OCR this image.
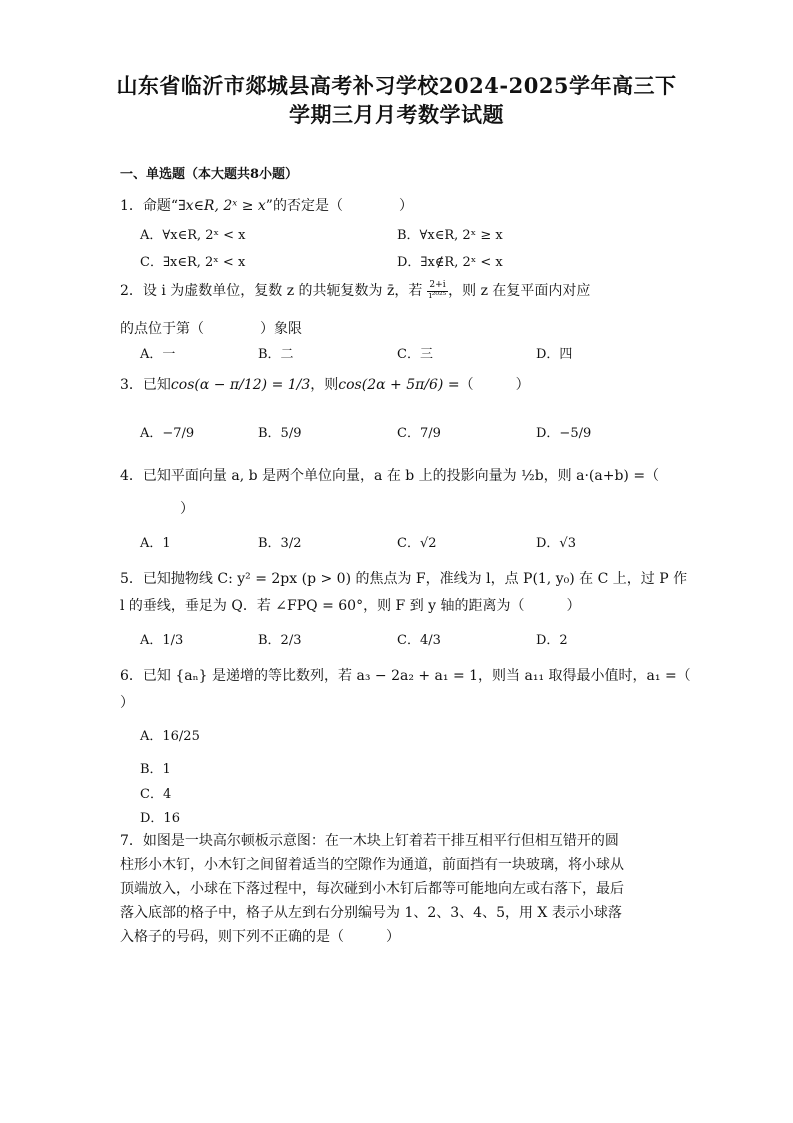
山东省临沂市郯城县高考补习学校2024-2025学年高三下
学期三月月考数学试题
一、单选题（本大题共8小题）
1．命题“∃x∈R, 2ˣ ≥ x”的否定是（　　　　）
A．∀x∈R, 2ˣ < x	B．∀x∈R, 2ˣ ≥ x
C．∃x∈R, 2ˣ < x	D．∃x∉R, 2ˣ < x
2．设 i 为虚数单位，复数 z 的共轭复数为 z̄，若 $\frac{2+i}{\text{i²⁰²⁵}}$ ，则 z 在复平面内对应
的点位于第（　　　　）象限
A．一	B．二	C．三	D．四
3．已知cos(α − π/12) = 1/3，则cos(2α + 5π/6) =（　　　）
A．−7/9	B．5/9	C．7/9	D．−5/9
4．已知平面向量 a, b 是两个单位向量，a 在 b 上的投影向量为 ½b，则 a·(a+b) =（
）
A．1	B．3/2	C．√2	D．√3
5．已知抛物线 C: y² = 2px (p > 0) 的焦点为 F，准线为 l，点 P(1, y₀) 在 C 上，过 P 作
l 的垂线，垂足为 Q．若 ∠FPQ = 60°，则 F 到 y 轴的距离为（　　　）
A．1/3	B．2/3	C．4/3	D．2
6．已知 {aₙ} 是递增的等比数列，若 a₃ − 2a₂ + a₁ = 1，则当 a₁₁ 取得最小值时，a₁ =（
）
A．16/25
B．1
C．4
D．16
7．如图是一块高尔顿板示意图：在一木块上钉着若干排互相平行但相互错开的圆
柱形小木钉，小木钉之间留着适当的空隙作为通道，前面挡有一块玻璃，将小球从
顶端放入，小球在下落过程中，每次碰到小木钉后都等可能地向左或右落下，最后
落入底部的格子中，格子从左到右分别编号为 1、2、3、4、5，用 X 表示小球落
入格子的号码，则下列不正确的是（　　　）
